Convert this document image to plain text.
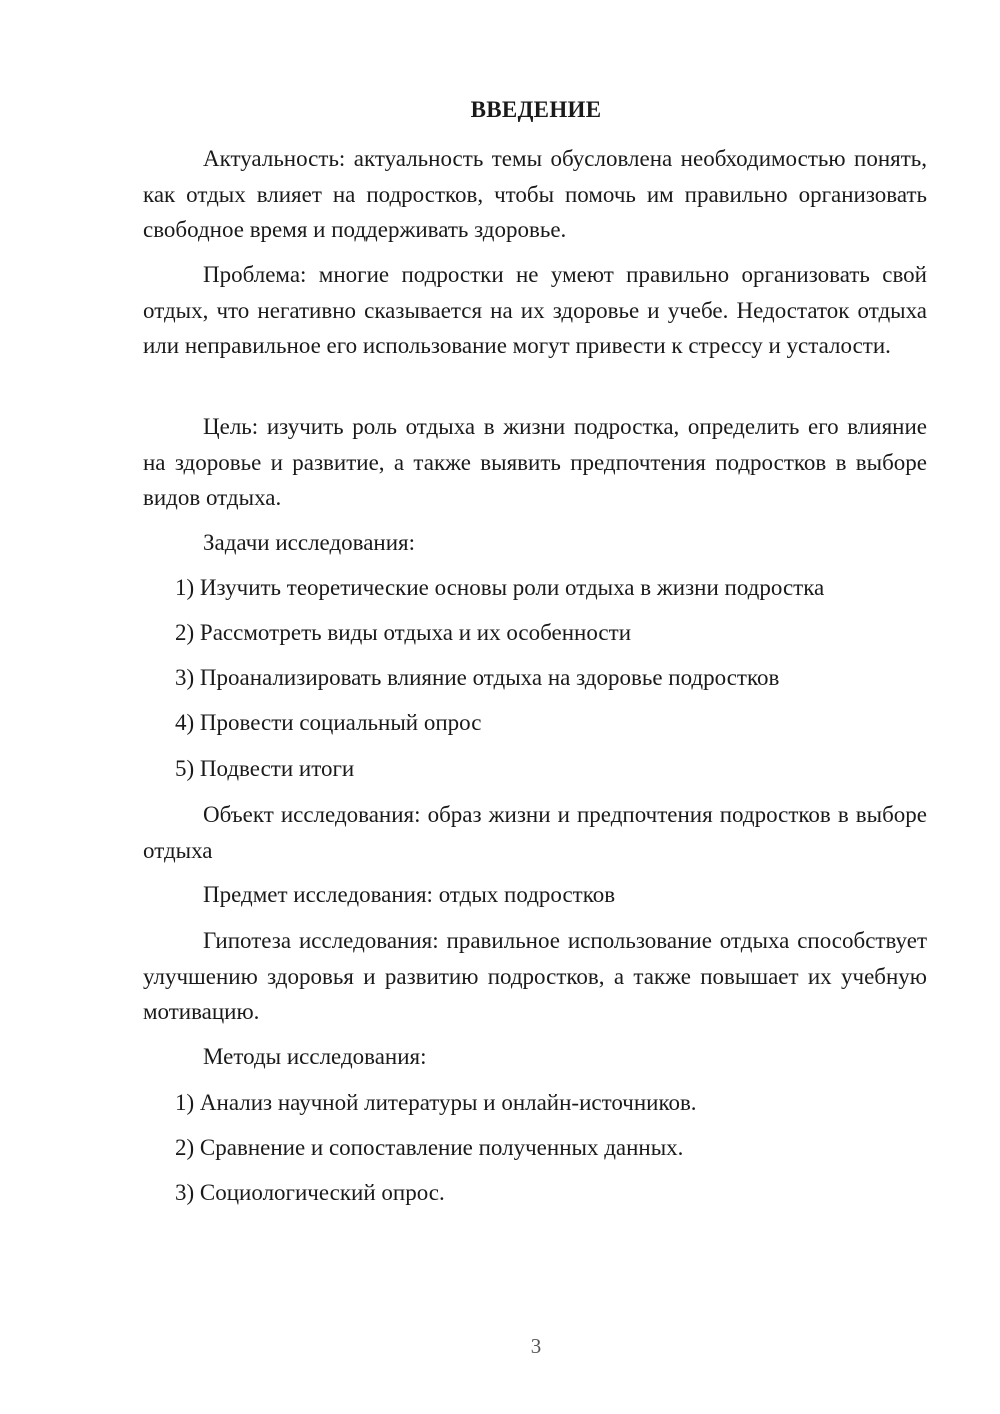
ВВЕДЕНИЕ
Актуальность: актуальность темы обусловлена необходимостью понять, как отдых влияет на подростков, чтобы помочь им правильно организовать свободное время и поддерживать здоровье.
Проблема: многие подростки не умеют правильно организовать свой отдых, что негативно сказывается на их здоровье и учебе. Недостаток отдыха или неправильное его использование могут привести к стрессу и усталости.
Цель: изучить роль отдыха в жизни подростка, определить его влияние на здоровье и развитие, а также выявить предпочтения подростков в выборе видов отдыха.
Задачи исследования:
1) Изучить теоретические основы роли отдыха в жизни подростка
2) Рассмотреть виды отдыха и их особенности
3) Проанализировать влияние отдыха на здоровье подростков
4) Провести социальный опрос
5) Подвести итоги
Объект исследования: образ жизни и предпочтения подростков в выборе отдыха
Предмет исследования: отдых подростков
Гипотеза исследования: правильное использование отдыха способствует улучшению здоровья и развитию подростков, а также повышает их учебную мотивацию.
Методы исследования:
1) Анализ научной литературы и онлайн-источников.
2) Сравнение и сопоставление полученных данных.
3) Социологический опрос.
3
